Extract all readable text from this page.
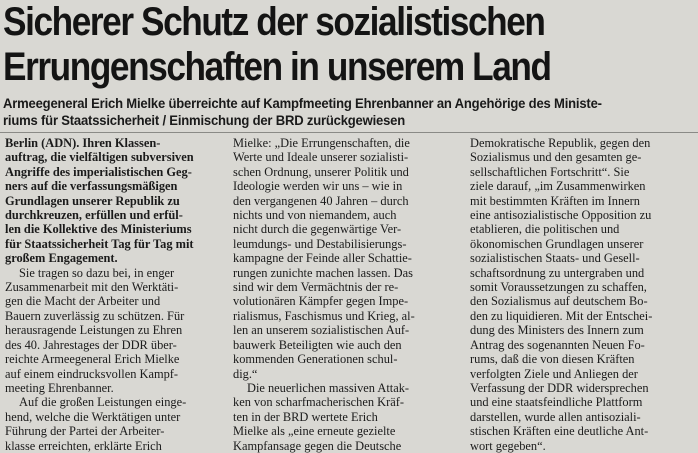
Sicherer Schutz der sozialistischen
Errungenschaften in unserem Land
Armeegeneral Erich Mielke überreichte auf Kampfmeeting Ehrenbanner an Angehörige des Ministe-
riums für Staatssicherheit / Einmischung der BRD zurückgewiesen
Berlin (ADN). Ihren Klassen-
auftrag, die vielfältigen subversiven
Angriffe des imperialistischen Geg-
ners auf die verfassungsmäßigen
Grundlagen unserer Republik zu
durchkreuzen, erfüllen und erfül-
len die Kollektive des Ministeriums
für Staatssicherheit Tag für Tag mit
großem Engagement.
Sie tragen so dazu bei, in enger
Zusammenarbeit mit den Werktäti-
gen die Macht der Arbeiter und
Bauern zuverlässig zu schützen. Für
herausragende Leistungen zu Ehren
des 40. Jahrestages der DDR über-
reichte Armeegeneral Erich Mielke
auf einem eindrucksvollen Kampf-
meeting Ehrenbanner.
Auf die großen Leistungen einge-
hend, welche die Werktätigen unter
Führung der Partei der Arbeiter-
klasse erreichten, erklärte Erich
Mielke: „Die Errungenschaften, die
Werte und Ideale unserer sozialisti-
schen Ordnung, unserer Politik und
Ideologie werden wir uns – wie in
den vergangenen 40 Jahren – durch
nichts und von niemandem, auch
nicht durch die gegenwärtige Ver-
leumdungs- und Destabilisierungs-
kampagne der Feinde aller Schattie-
rungen zunichte machen lassen. Das
sind wir dem Vermächtnis der re-
volutionären Kämpfer gegen Impe-
rialismus, Faschismus und Krieg, al-
len an unserem sozialistischen Auf-
bauwerk Beteiligten wie auch den
kommenden Generationen schul-
dig.“
Die neuerlichen massiven Attak-
ken von scharfmacherischen Kräf-
ten in der BRD wertete Erich
Mielke als „eine erneute gezielte
Kampfansage gegen die Deutsche
Demokratische Republik, gegen den
Sozialismus und den gesamten ge-
sellschaftlichen Fortschritt“. Sie
ziele darauf, „im Zusammenwirken
mit bestimmten Kräften im Innern
eine antisozialistische Opposition zu
etablieren, die politischen und
ökonomischen Grundlagen unserer
sozialistischen Staats- und Gesell-
schaftsordnung zu untergraben und
somit Voraussetzungen zu schaffen,
den Sozialismus auf deutschem Bo-
den zu liquidieren. Mit der Entschei-
dung des Ministers des Innern zum
Antrag des sogenannten Neuen Fo-
rums, daß die von diesen Kräften
verfolgten Ziele und Anliegen der
Verfassung der DDR widersprechen
und eine staatsfeindliche Plattform
darstellen, wurde allen antisoziali-
stischen Kräften eine deutliche Ant-
wort gegeben“.
